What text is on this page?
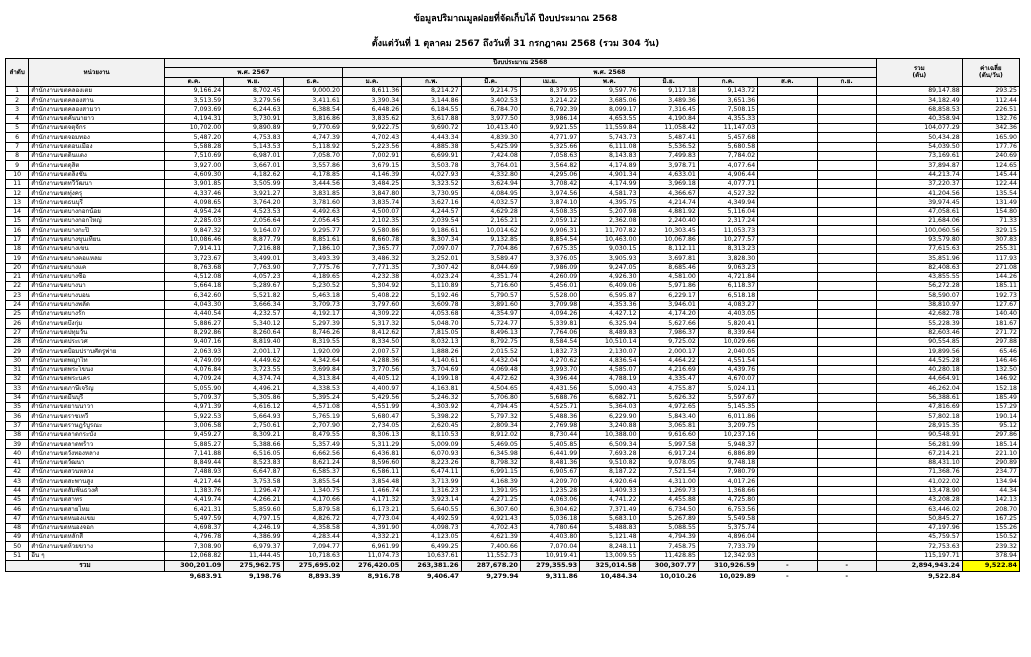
ข้อมูลปริมาณมูลฝอยที่จัดเก็บได้ ปีงบประมาณ 2568
ตั้งแต่วันที่ 1 ตุลาคม 2567 ถึงวันที่ 31 กรกฎาคม 2568 (รวม 304 วัน)
ลำดับ	หน่วยงาน	ปีงบประมาณ 2568												รวม
(ตัน)	ค่าเฉลี่ย
(ตัน/วัน)
		พ.ศ. 2567			พ.ศ. 2568										
		ต.ค.	พ.ย.	ธ.ค.	ม.ค.	ก.พ.	มี.ค.	เม.ย.	พ.ค.	มิ.ย.	ก.ค.	ส.ค.	ก.ย.		
1	สำนักงานเขตคลองเตย	9,166.24	8,702.45	9,000.20	8,611.36	8,214.27	9,214.75	8,379.95	9,597.76	9,117.18	9,143.72			89,147.88	293.25
2	สำนักงานเขตคลองสาน	3,513.59	3,279.56	3,411.61	3,390.34	3,144.86	3,402.53	3,214.22	3,685.06	3,489.36	3,651.36			34,182.49	112.44
3	สำนักงานเขตคลองสามวา	7,093.69	6,244.63	6,388.54	6,448.26	6,184.55	6,784.70	6,792.39	8,099.17	7,316.45	7,508.15			68,858.53	226.51
4	สำนักงานเขตคันนายาว	4,194.31	3,730.91	3,816.86	3,835.62	3,617.88	3,977.50	3,986.14	4,653.55	4,190.84	4,355.33			40,358.94	132.76
5	สำนักงานเขตจตุจักร	10,702.00	9,890.89	9,770.69	9,922.75	9,690.72	10,413.40	9,921.55	11,559.84	11,058.42	11,147.03			104,077.29	342.36
6	สำนักงานเขตจอมทอง	5,487.20	4,753.83	4,747.39	4,702.43	4,443.34	4,839.30	4,771.97	5,743.73	5,487.41	5,457.68			50,434.28	165.90
7	สำนักงานเขตดอนเมือง	5,588.28	5,143.53	5,118.92	5,223.56	4,885.38	5,425.99	5,325.66	6,111.08	5,536.52	5,680.58			54,039.50	177.76
8	สำนักงานเขตดินแดง	7,510.69	6,987.01	7,058.70	7,002.91	6,699.91	7,424.08	7,058.63	8,143.83	7,499.83	7,784.02			73,169.61	240.69
9	สำนักงานเขตดุสิต	3,927.00	3,667.01	3,557.86	3,679.15	3,503.78	3,764.01	3,564.82	4,174.89	3,978.71	4,077.64			37,894.87	124.65
10	สำนักงานเขตตลิ่งชัน	4,609.30	4,182.62	4,178.85	4,146.39	4,027.93	4,332.80	4,295.06	4,901.34	4,633.01	4,906.44			44,213.74	145.44
11	สำนักงานเขตทวีวัฒนา	3,901.85	3,505.99	3,444.56	3,484.25	3,323.52	3,624.94	3,708.42	4,174.99	3,969.18	4,077.71			37,220.37	122.44
12	สำนักงานเขตทุ่งครุ	4,337.46	3,921.27	3,831.85	3,847.80	3,730.95	4,084.95	3,974.56	4,581.73	4,366.67	4,527.32			41,204.56	135.54
13	สำนักงานเขตธนบุรี	4,098.65	3,764.20	3,781.60	3,835.74	3,627.16	4,032.57	3,874.10	4,395.75	4,214.74	4,349.94			39,974.45	131.49
14	สำนักงานเขตบางกอกน้อย	4,954.24	4,523.53	4,492.63	4,500.07	4,244.57	4,629.28	4,508.35	5,207.98	4,881.92	5,116.04			47,058.61	154.80
15	สำนักงานเขตบางกอกใหญ่	2,285.03	2,056.64	2,056.45	2,102.35	2,039.54	2,165.21	2,059.12	2,362.08	2,240.40	2,317.24			21,684.06	71.33
16	สำนักงานเขตบางกะปิ	9,847.32	9,164.07	9,295.77	9,580.86	9,186.61	10,014.62	9,906.31	11,707.82	10,303.45	11,053.73			100,060.56	329.15
17	สำนักงานเขตบางขุนเทียน	10,086.46	8,877.79	8,851.61	8,660.78	8,307.34	9,132.85	8,854.54	10,463.00	10,067.86	10,277.57			93,579.80	307.83
18	สำนักงานเขตบางเขน	7,914.11	7,216.88	7,186.10	7,365.77	7,097.07	7,704.86	7,675.35	9,030.15	8,112.11	8,313.23			77,615.63	255.31
19	สำนักงานเขตบางคอแหลม	3,723.67	3,499.01	3,493.39	3,486.32	3,252.01	3,589.47	3,376.05	3,905.93	3,697.81	3,828.30			35,851.96	117.93
20	สำนักงานเขตบางแค	8,763.68	7,763.90	7,775.76	7,771.35	7,307.42	8,044.69	7,986.09	9,247.05	8,685.46	9,063.23			82,408.63	271.08
21	สำนักงานเขตบางซื่อ	4,512.08	4,057.23	4,189.65	4,232.38	4,023.24	4,351.74	4,260.09	4,926.30	4,581.00	4,721.84			43,855.55	144.26
22	สำนักงานเขตบางนา	5,664.18	5,289.67	5,230.52	5,304.92	5,110.89	5,716.60	5,456.01	6,409.06	5,971.86	6,118.37			56,272.28	185.11
23	สำนักงานเขตบางบอน	6,342.60	5,521.82	5,463.18	5,408.22	5,192.46	5,790.57	5,528.00	6,595.87	6,229.17	6,518.18			58,590.07	192.73
24	สำนักงานเขตบางพลัด	4,043.30	3,666.34	3,709.73	3,797.60	3,609.78	3,891.60	3,709.98	4,353.36	3,946.01	4,083.27			38,810.97	127.67
25	สำนักงานเขตบางรัก	4,440.54	4,232.57	4,192.17	4,309.22	4,053.68	4,354.97	4,094.26	4,427.12	4,174.20	4,403.05			42,682.78	140.40
26	สำนักงานเขตบึงกุ่ม	5,886.27	5,340.12	5,297.39	5,317.32	5,048.70	5,724.77	5,339.81	6,325.94	5,627.66	5,820.41			55,228.39	181.67
27	สำนักงานเขตปทุมวัน	8,292.86	8,260.64	8,746.26	8,412.62	7,815.05	8,496.13	7,764.06	8,489.83	7,986.37	8,339.64			82,603.46	271.72
28	สำนักงานเขตประเวศ	9,407.16	8,819.40	8,319.55	8,334.50	8,032.13	8,792.75	8,584.54	10,510.14	9,725.02	10,029.66			90,554.85	297.88
29	สำนักงานเขตป้อมปราบศัตรูพ่าย	2,063.93	2,001.17	1,920.09	2,007.57	1,888.26	2,015.52	1,832.73	2,130.07	2,000.17	2,040.05			19,899.56	65.46
30	สำนักงานเขตพญาไท	4,749.09	4,449.62	4,342.64	4,288.36	4,140.61	4,432.04	4,270.62	4,836.54	4,464.22	4,551.54			44,525.28	146.46
31	สำนักงานเขตพระโขนง	4,076.84	3,723.55	3,699.84	3,770.56	3,704.69	4,069.48	3,993.70	4,585.07	4,216.69	4,439.76			40,280.18	132.50
32	สำนักงานเขตพระนคร	4,709.24	4,374.74	4,313.84	4,405.12	4,199.18	4,472.62	4,396.44	4,788.19	4,335.47	4,670.07			44,664.91	146.92
33	สำนักงานเขตภาษีเจริญ	5,055.90	4,496.21	4,338.53	4,400.97	4,163.81	4,504.65	4,431.56	5,090.43	4,755.87	5,024.11			46,262.04	152.18
34	สำนักงานเขตมีนบุรี	5,709.37	5,305.86	5,395.24	5,429.56	5,246.32	5,706.80	5,688.76	6,682.71	5,626.32	5,597.67			56,388.61	185.49
35	สำนักงานเขตยานนาวา	4,971.39	4,616.12	4,571.08	4,551.99	4,303.92	4,794.45	4,525.71	5,364.03	4,972.65	5,145.35			47,816.69	157.29
36	สำนักงานเขตราชเทวี	5,922.53	5,664.93	5,765.19	5,680.47	5,398.22	5,797.32	5,488.36	6,229.90	5,843.40	6,011.86			57,802.18	190.14
37	สำนักงานเขตราษฎร์บูรณะ	3,006.58	2,750.61	2,707.90	2,734.05	2,620.45	2,809.34	2,769.98	3,240.88	3,065.81	3,209.75			28,915.35	95.12
38	สำนักงานเขตลาดกระบัง	9,459.27	8,309.21	8,479.55	8,306.13	8,110.53	8,912.02	8,730.44	10,388.00	9,616.60	10,237.16			90,548.91	297.86
39	สำนักงานเขตลาดพร้าว	5,885.27	5,388.66	5,357.49	5,311.29	5,009.09	5,469.05	5,405.85	6,509.34	5,997.58	5,948.37			56,281.99	185.14
40	สำนักงานเขตวังทองหลาง	7,141.88	6,516.05	6,662.56	6,436.81	6,070.93	6,345.98	6,441.99	7,693.28	6,917.24	6,886.89			67,214.21	221.10
41	สำนักงานเขตวัฒนา	8,849.44	8,523.83	8,621.24	8,596.60	8,223.26	8,798.32	8,481.36	9,510.82	9,078.05	9,748.18			88,431.10	290.89
42	สำนักงานเขตสวนหลวง	7,488.93	6,647.87	6,585.37	6,586.11	6,474.11	6,991.15	6,905.67	8,187.22	7,521.54	7,980.79			71,368.76	234.77
43	สำนักงานเขตสะพานสูง	4,217.44	3,753.58	3,855.54	3,854.48	3,713.99	4,168.39	4,209.70	4,920.64	4,311.00	4,017.26			41,022.02	134.94
44	สำนักงานเขตสัมพันธวงศ์	1,383.76	1,296.47	1,340.75	1,466.74	1,316.23	1,391.95	1,235.28	1,409.33	1,269.73	1,368.66			13,478.90	44.34
45	สำนักงานเขตสาทร	4,419.74	4,266.21	4,170.66	4,171.32	3,923.14	4,271.25	4,063.06	4,741.22	4,455.88	4,725.80			43,208.28	142.13
46	สำนักงานเขตสายไหม	6,421.31	5,859.60	5,879.58	6,173.21	5,640.55	6,307.60	6,304.62	7,371.49	6,734.50	6,753.56			63,446.02	208.70
47	สำนักงานเขตหนองแขม	5,497.59	4,797.15	4,826.72	4,773.04	4,492.59	4,921.43	5,036.18	5,683.10	5,267.89	5,549.58			50,845.27	167.25
48	สำนักงานเขตหนองจอก	4,698.37	4,246.19	4,358.58	4,391.90	4,098.73	4,702.43	4,780.64	5,488.83	5,088.55	5,375.74			47,197.96	155.26
49	สำนักงานเขตหลักสี่	4,796.78	4,386.99	4,283.44	4,332.21	4,123.05	4,621.39	4,403.80	5,121.48	4,794.39	4,896.04			45,759.57	150.52
50	สำนักงานเขตห้วยขวาง	7,308.90	6,979.37	7,094.77	6,961.99	6,499.25	7,400.66	7,070.04	8,248.11	7,458.75	7,733.79			72,753.63	239.32
51	อื่น ๆ	12,068.82	11,444.45	10,718.63	11,074.73	10,637.61	11,552.73	10,919.41	13,009.55	11,428.85	12,342.93			115,197.71	378.94
รวม		300,201.09	275,962.75	275,695.02	276,420.05	263,381.26	287,678.20	279,355.93	325,014.58	300,307.77	310,926.59	-	-	2,894,943.24	9,522.84
		9,683.91	9,198.76	8,893.39	8,916.78	9,406.47	9,279.94	9,311.86	10,484.34	10,010.26	10,029.89	-	-	9,522.84	
